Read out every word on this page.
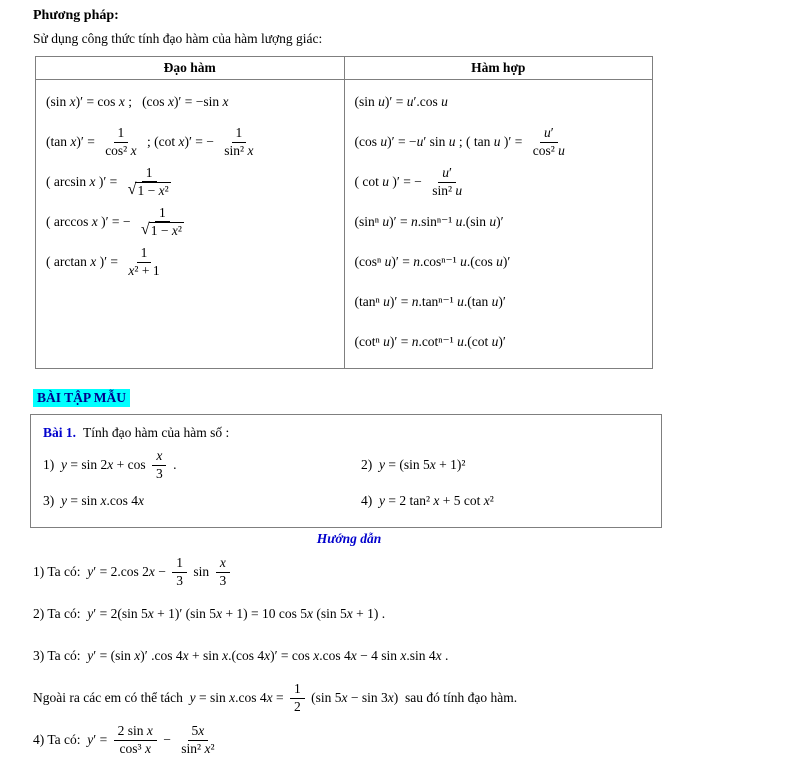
Phương pháp:
Sử dụng công thức tính đạo hàm của hàm lượng giác:
Đạo hàm	Hàm hợp

(sin x)′ = cos x ;   (cos x)′ = −sin x
(tan $x)' = \frac{1}{\text{cos² x}}$ ; (cot x)′ = − $\frac{1}{\text{sin² x}}$
( arcsin x )′ = $\frac{1}{\text{√ 1 − x²}}$
( arccos x )′ = − $\frac{1}{\text{√ 1 − x²}}$
( arctan x )′ = $\frac{1}{\text{x² + 1}}$

(sin u)′ = u′.cos u
(cos u)′ = −u′ sin u ; ( tan u )′ = $\frac{u'}{\text{cos² u}}$
( cot u )′ = − $\frac{u'}{\text{sin² u}}$
(sinⁿ u)′ = n.sinⁿ⁻¹ u.(sin u)′
(cosⁿ u)′ = n.cosⁿ⁻¹ u.(cos u)′
(tanⁿ u)′ = n.tanⁿ⁻¹ u.(tan u)′
(cotⁿ u)′ = n.cotⁿ⁻¹ u.(cot u)′
BÀI TẬP MẪU
Bài 1. Tính đạo hàm của hàm số :
1)  $y = \sin 2x + \cos \frac{x}{3}$ .	2)  y = (sin 5x + 1)²
3)  y = sin x.cos 4x	4)  y = 2 tan² x + 5 cot x²
Hướng dẫn
1) Ta có:  y′ = 2.cos $2x - \frac{1}{3}$ $\sin \frac{x}{3}$
2) Ta có:  y′ = 2(sin 5x + 1)′ (sin 5x + 1) = 10 cos 5x (sin 5x + 1) .
3) Ta có:  y′ = (sin x)′ .cos 4x + sin x.(cos 4x)′ = cos x.cos 4x − 4 sin x.sin 4x .
Ngoài ra các em có thể tách  y = sin x.cos $4x = \frac{1}{2} (\sin$ 5x − sin 3x)  sau đó tính đạo hàm.
4) Ta có:  $y' = \frac{\text{2 sin x}}{\text{cos³ x}} - \frac{5x}{\text{sin² x²}}$
